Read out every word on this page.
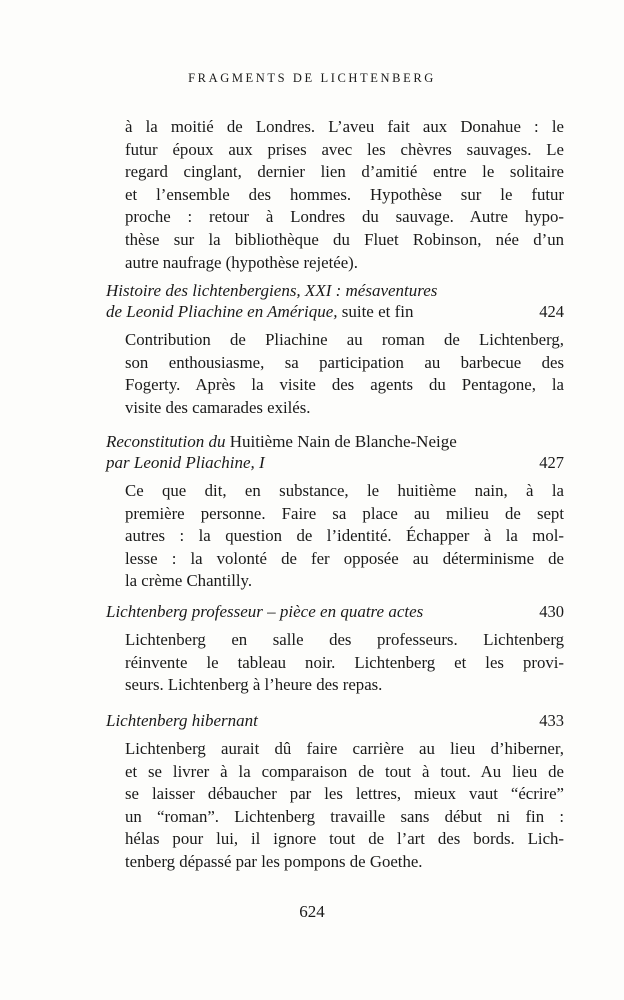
FRAGMENTS DE LICHTENBERG
à la moitié de Londres. L’aveu fait aux Donahue : le
futur époux aux prises avec les chèvres sauvages. Le
regard cinglant, dernier lien d’amitié entre le solitaire
et l’ensemble des hommes. Hypothèse sur le futur
proche : retour à Londres du sauvage. Autre hypo-
thèse sur la bibliothèque du Fluet Robinson, née d’un
autre naufrage (hypothèse rejetée).
Histoire des lichtenbergiens, XXI : mésaventures
de Leonid Pliachine en Amérique, suite et fin	424
Contribution de Pliachine au roman de Lichtenberg,
son enthousiasme, sa participation au barbecue des
Fogerty. Après la visite des agents du Pentagone, la
visite des camarades exilés.
Reconstitution du Huitième Nain de Blanche-Neige
par Leonid Pliachine, I	427
Ce que dit, en substance, le huitième nain, à la
première personne. Faire sa place au milieu de sept
autres : la question de l’identité. Échapper à la mol-
lesse : la volonté de fer opposée au déterminisme de
la crème Chantilly.
Lichtenberg professeur – pièce en quatre actes	430
Lichtenberg en salle des professeurs. Lichtenberg
réinvente le tableau noir. Lichtenberg et les provi-
seurs. Lichtenberg à l’heure des repas.
Lichtenberg hibernant	433
Lichtenberg aurait dû faire carrière au lieu d’hiberner,
et se livrer à la comparaison de tout à tout. Au lieu de
se laisser débaucher par les lettres, mieux vaut “écrire”
un “roman”. Lichtenberg travaille sans début ni fin :
hélas pour lui, il ignore tout de l’art des bords. Lich-
tenberg dépassé par les pompons de Goethe.
624
